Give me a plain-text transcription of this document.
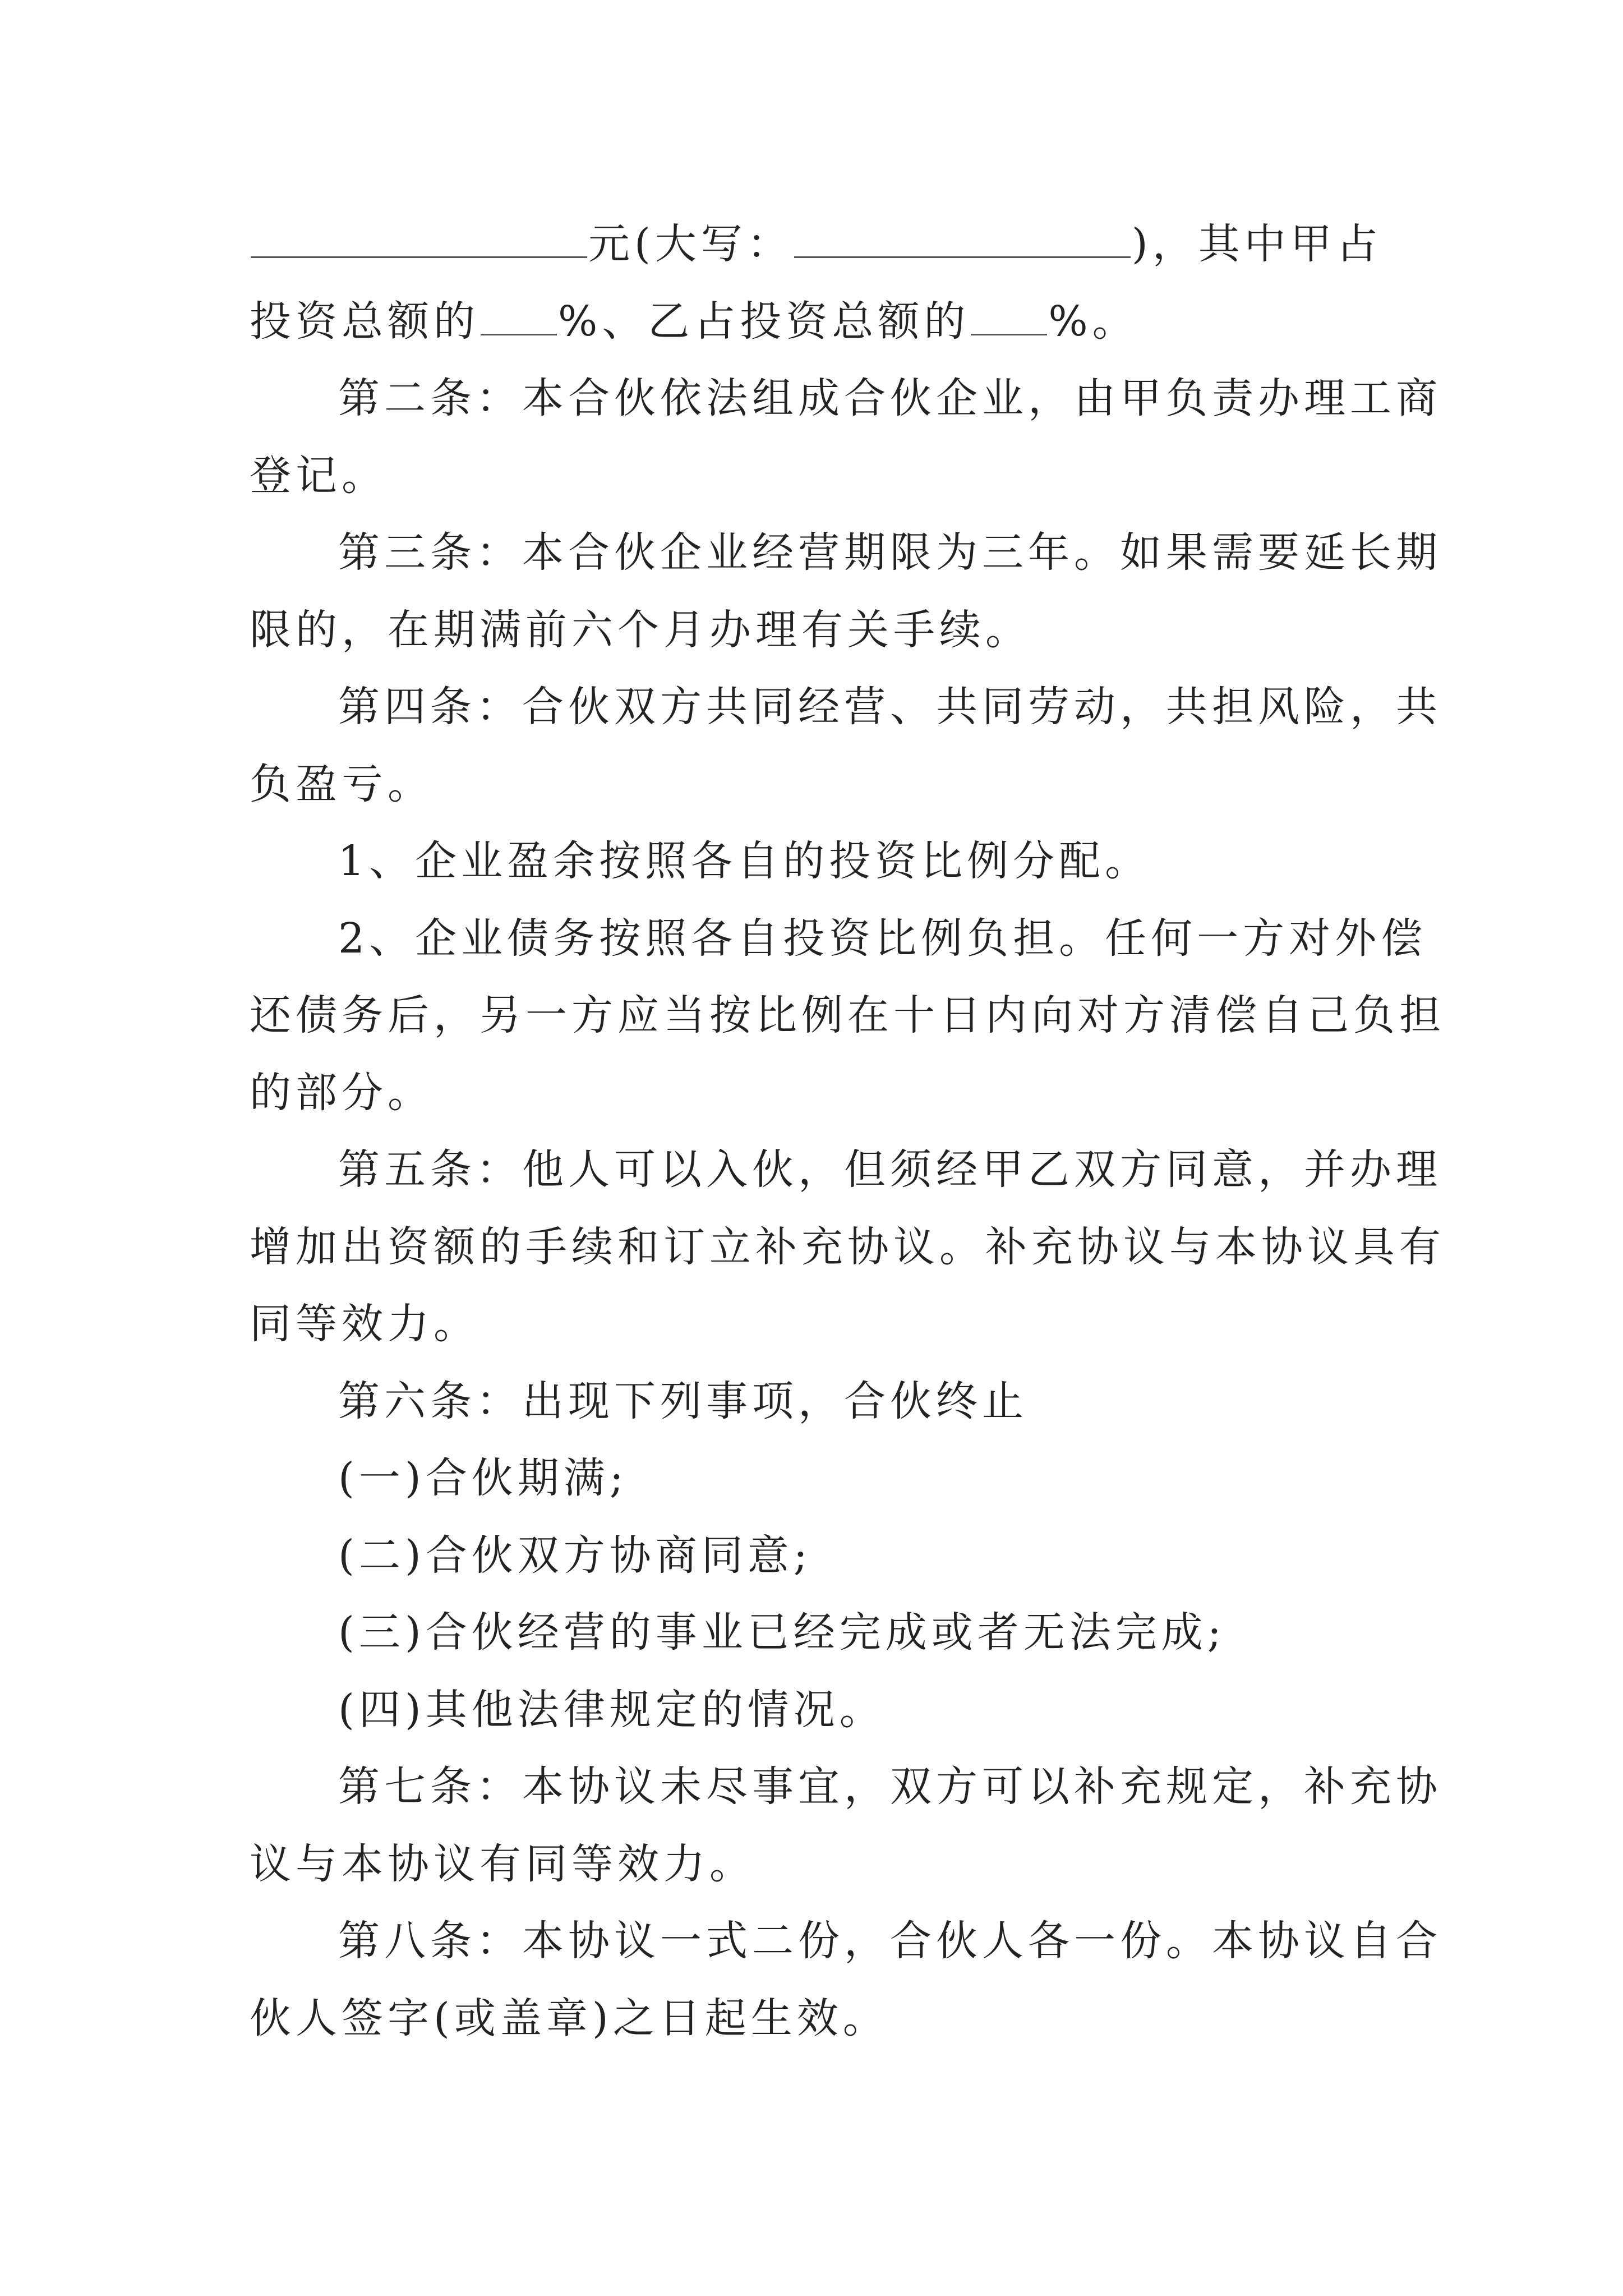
元(大写：	)，其中甲占
投资总额的 %、乙占投资总额的 %。
第二条：本合伙依法组成合伙企业，由甲负责办理工商
登记。
第三条：本合伙企业经营期限为三年。如果需要延长期
限的，在期满前六个月办理有关手续。
第四条：合伙双方共同经营、共同劳动，共担风险，共
负盈亏。
1、企业盈余按照各自的投资比例分配。
2、企业债务按照各自投资比例负担。任何一方对外偿
还债务后，另一方应当按比例在十日内向对方清偿自己负担
的部分。
第五条：他人可以入伙，但须经甲乙双方同意，并办理
增加出资额的手续和订立补充协议。补充协议与本协议具有
同等效力。
第六条：出现下列事项，合伙终止
(一)合伙期满;
(二)合伙双方协商同意;
(三)合伙经营的事业已经完成或者无法完成;
(四)其他法律规定的情况。
第七条：本协议未尽事宜，双方可以补充规定，补充协
议与本协议有同等效力。
第八条：本协议一式二份，合伙人各一份。本协议自合
伙人签字(或盖章)之日起生效。
